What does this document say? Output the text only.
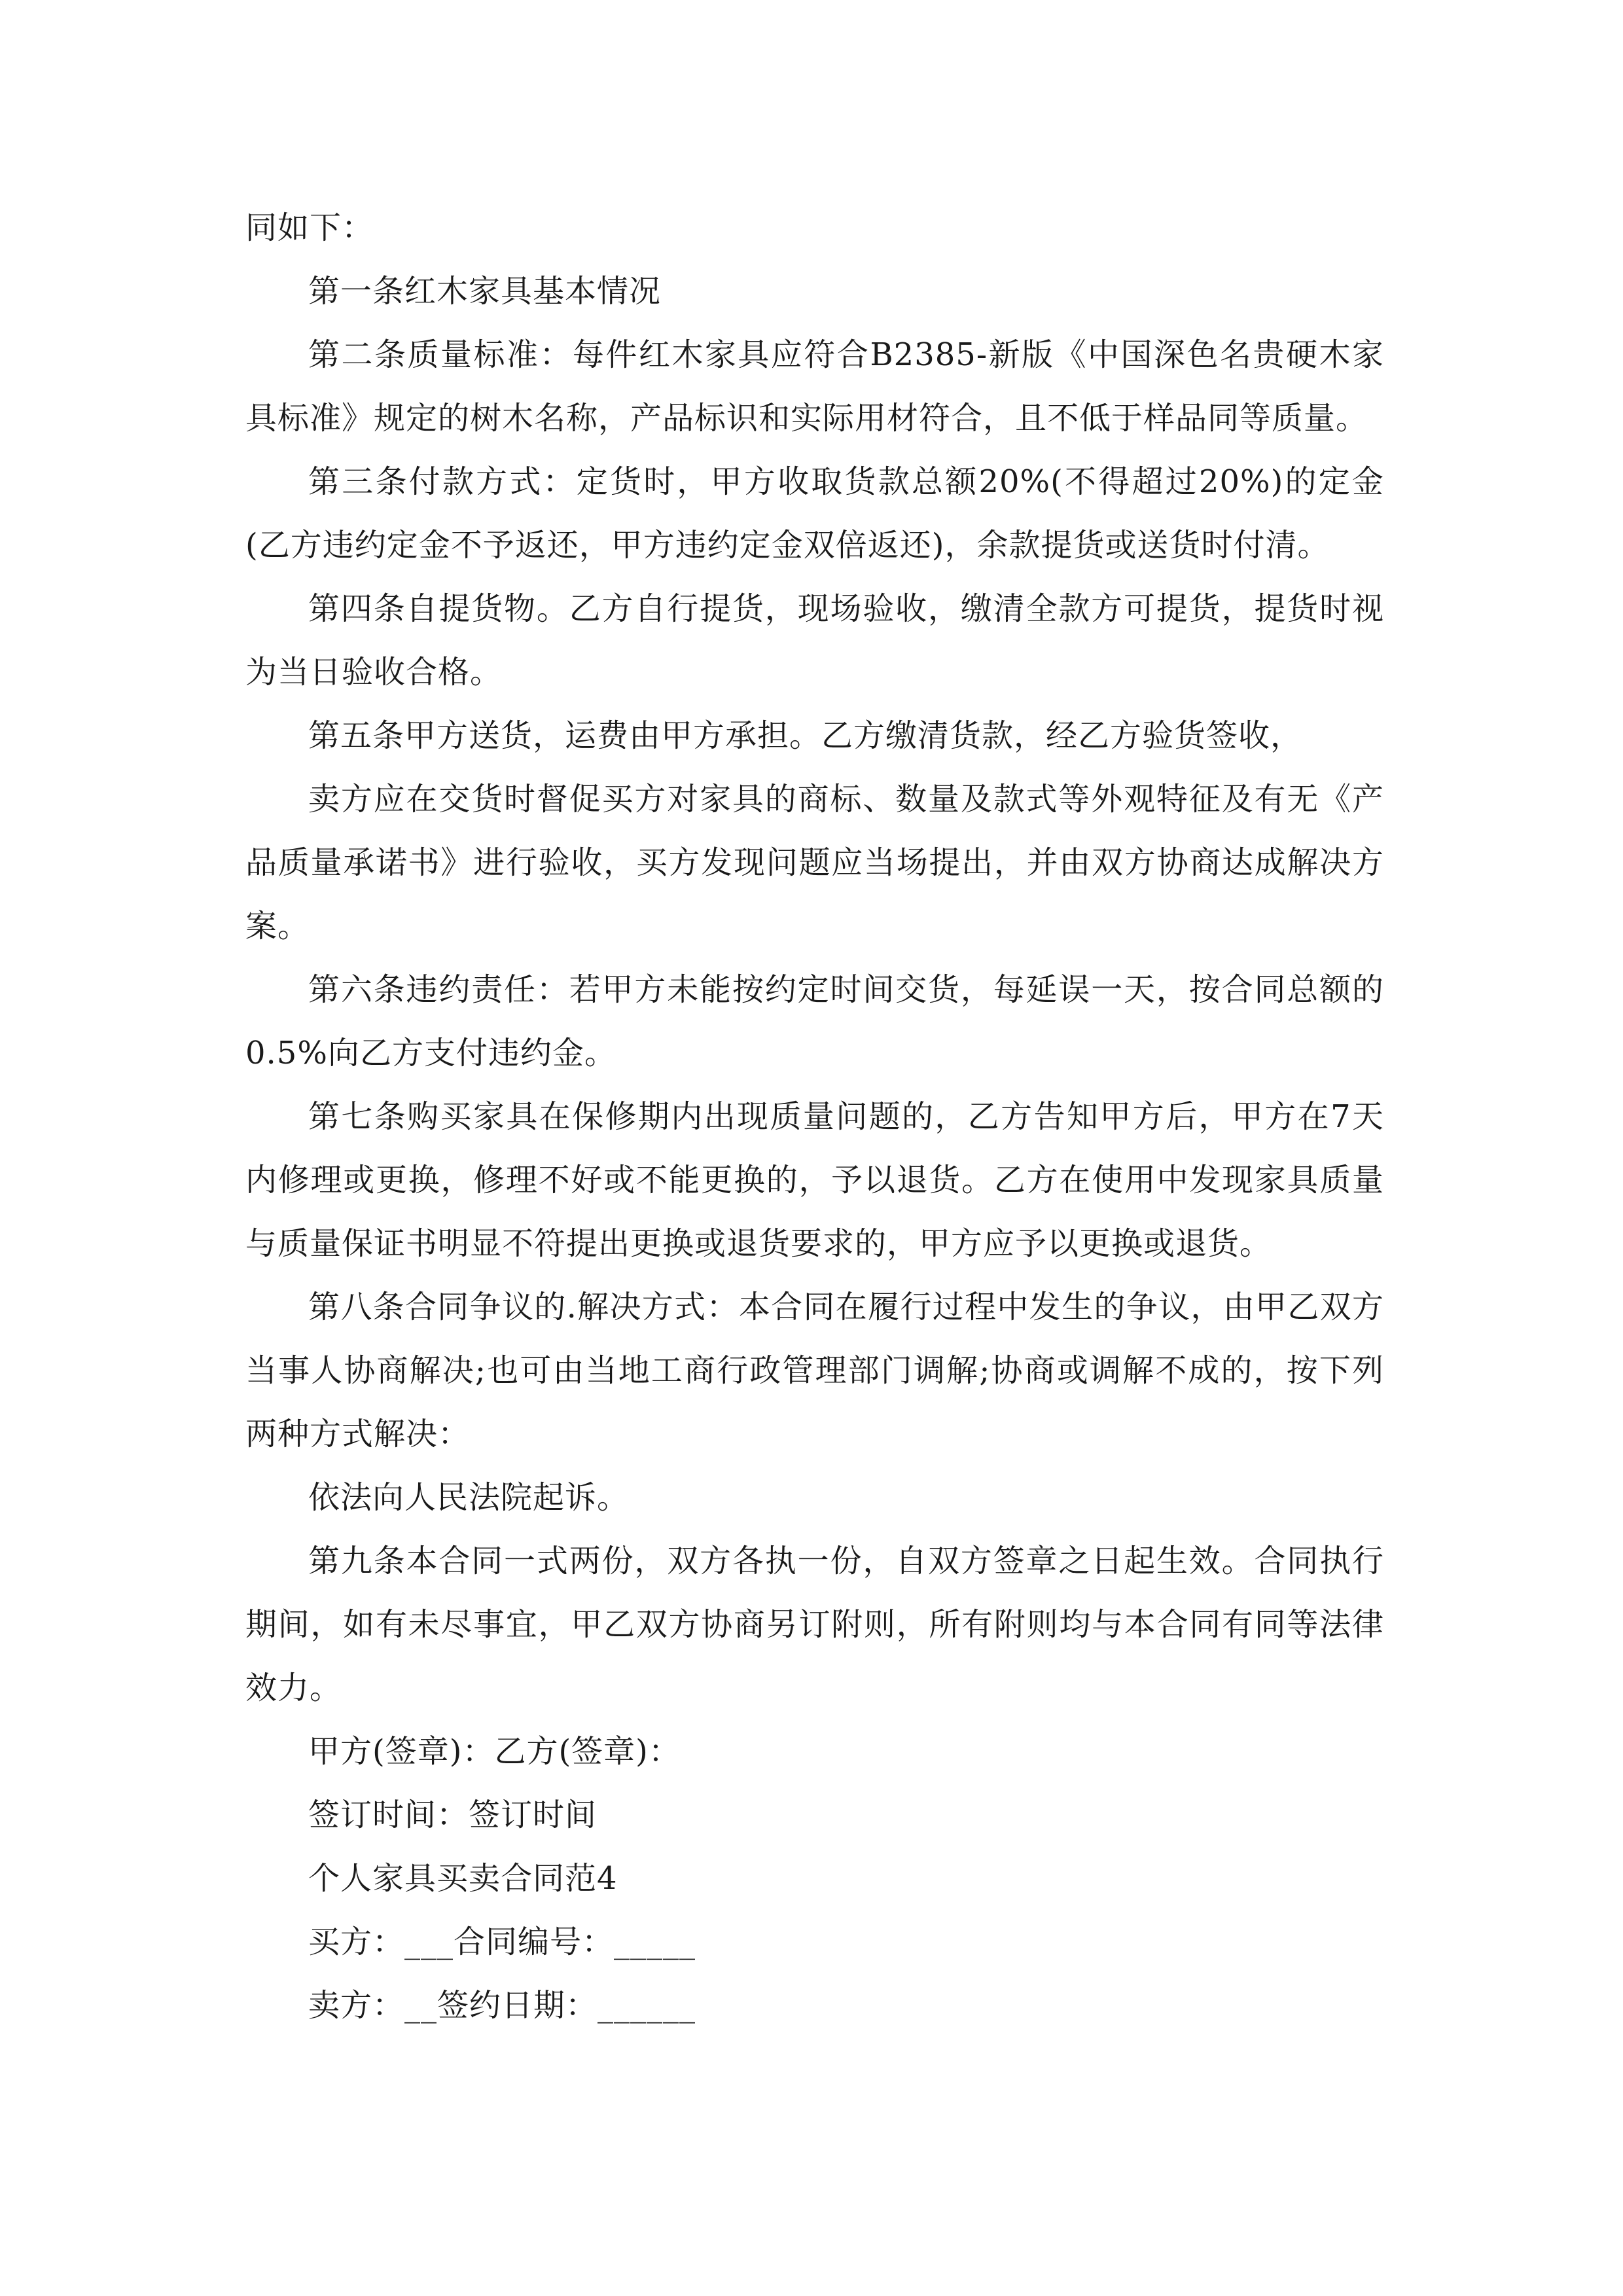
同如下：

第一条红木家具基本情况

第二条质量标准：每件红木家具应符合B2385-新版《中国深色名贵硬木家具标准》规定的树木名称，产品标识和实际用材符合，且不低于样品同等质量。

第三条付款方式：定货时，甲方收取货款总额20%(不得超过20%)的定金(乙方违约定金不予返还，甲方违约定金双倍返还)，余款提货或送货时付清。

第四条自提货物。乙方自行提货，现场验收，缴清全款方可提货，提货时视为当日验收合格。

第五条甲方送货，运费由甲方承担。乙方缴清货款，经乙方验货签收，

卖方应在交货时督促买方对家具的商标、数量及款式等外观特征及有无《产品质量承诺书》进行验收，买方发现问题应当场提出，并由双方协商达成解决方案。

第六条违约责任：若甲方未能按约定时间交货，每延误一天，按合同总额的0.5%向乙方支付违约金。

第七条购买家具在保修期内出现质量问题的，乙方告知甲方后，甲方在7天内修理或更换，修理不好或不能更换的，予以退货。乙方在使用中发现家具质量与质量保证书明显不符提出更换或退货要求的，甲方应予以更换或退货。

第八条合同争议的.解决方式：本合同在履行过程中发生的争议，由甲乙双方当事人协商解决;也可由当地工商行政管理部门调解;协商或调解不成的，按下列两种方式解决：

依法向人民法院起诉。

第九条本合同一式两份，双方各执一份，自双方签章之日起生效。合同执行期间，如有未尽事宜，甲乙双方协商另订附则，所有附则均与本合同有同等法律效力。

甲方(签章)：乙方(签章)：

签订时间：签订时间

个人家具买卖合同范4

买方：___合同编号：_____

卖方：__签约日期：______
